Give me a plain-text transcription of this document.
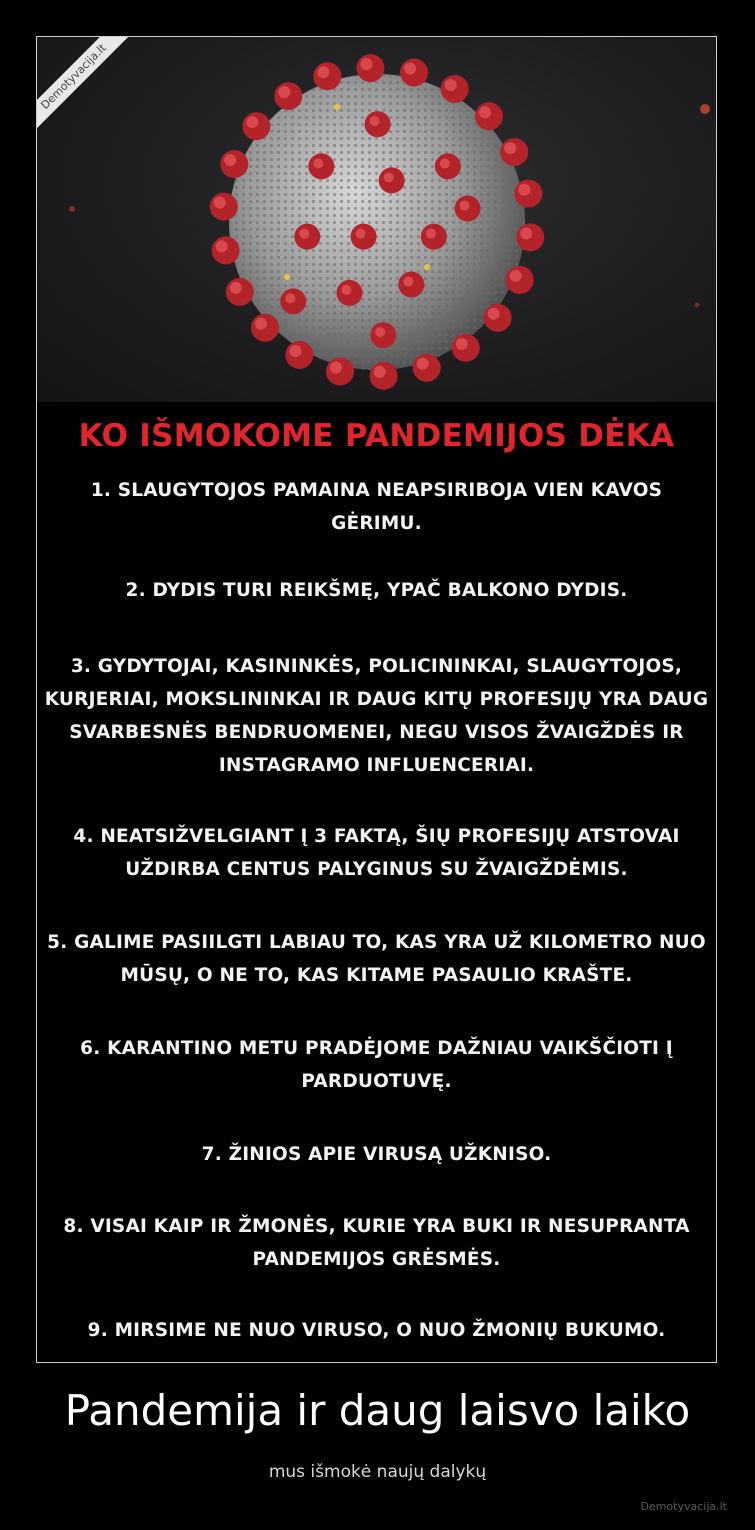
Demotyvacija.lt
KO IŠMOKOME PANDEMIJOS DĖKA
1. SLAUGYTOJOS PAMAINA NEAPSIRIBOJA VIEN KAVOS GĖRIMU.
2. DYDIS TURI REIKŠMĘ, YPAČ BALKONO DYDIS.
3. GYDYTOJAI, KASININKĖS, POLICININKAI, SLAUGYTOJOS, KURJERIAI, MOKSLININKAI IR DAUG KITŲ PROFESIJŲ YRA DAUG SVARBESNĖS BENDRUOMENEI, NEGU VISOS ŽVAIGŽDĖS IR INSTAGRAMO INFLUENCERIAI.
4. NEATSIŽVELGIANT Į 3 FAKTĄ, ŠIŲ PROFESIJŲ ATSTOVAI UŽDIRBA CENTUS PALYGINUS SU ŽVAIGŽDĖMIS.
5. GALIME PASIILGTI LABIAU TO, KAS YRA UŽ KILOMETRO NUO MŪSŲ, O NE TO, KAS KITAME PASAULIO KRAŠTE.
6. KARANTINO METU PRADĖJOME DAŽNIAU VAIKŠČIOTI Į PARDUOTUVĘ.
7. ŽINIOS APIE VIRUSĄ UŽKNISO.
8. VISAI KAIP IR ŽMONĖS, KURIE YRA BUKI IR NESUPRANTA PANDEMIJOS GRĖSMĖS.
9. MIRSIME NE NUO VIRUSO, O NUO ŽMONIŲ BUKUMO.
Pandemija ir daug laisvo laiko
mus išmokė naujų dalykų
Demotyvacija.lt
